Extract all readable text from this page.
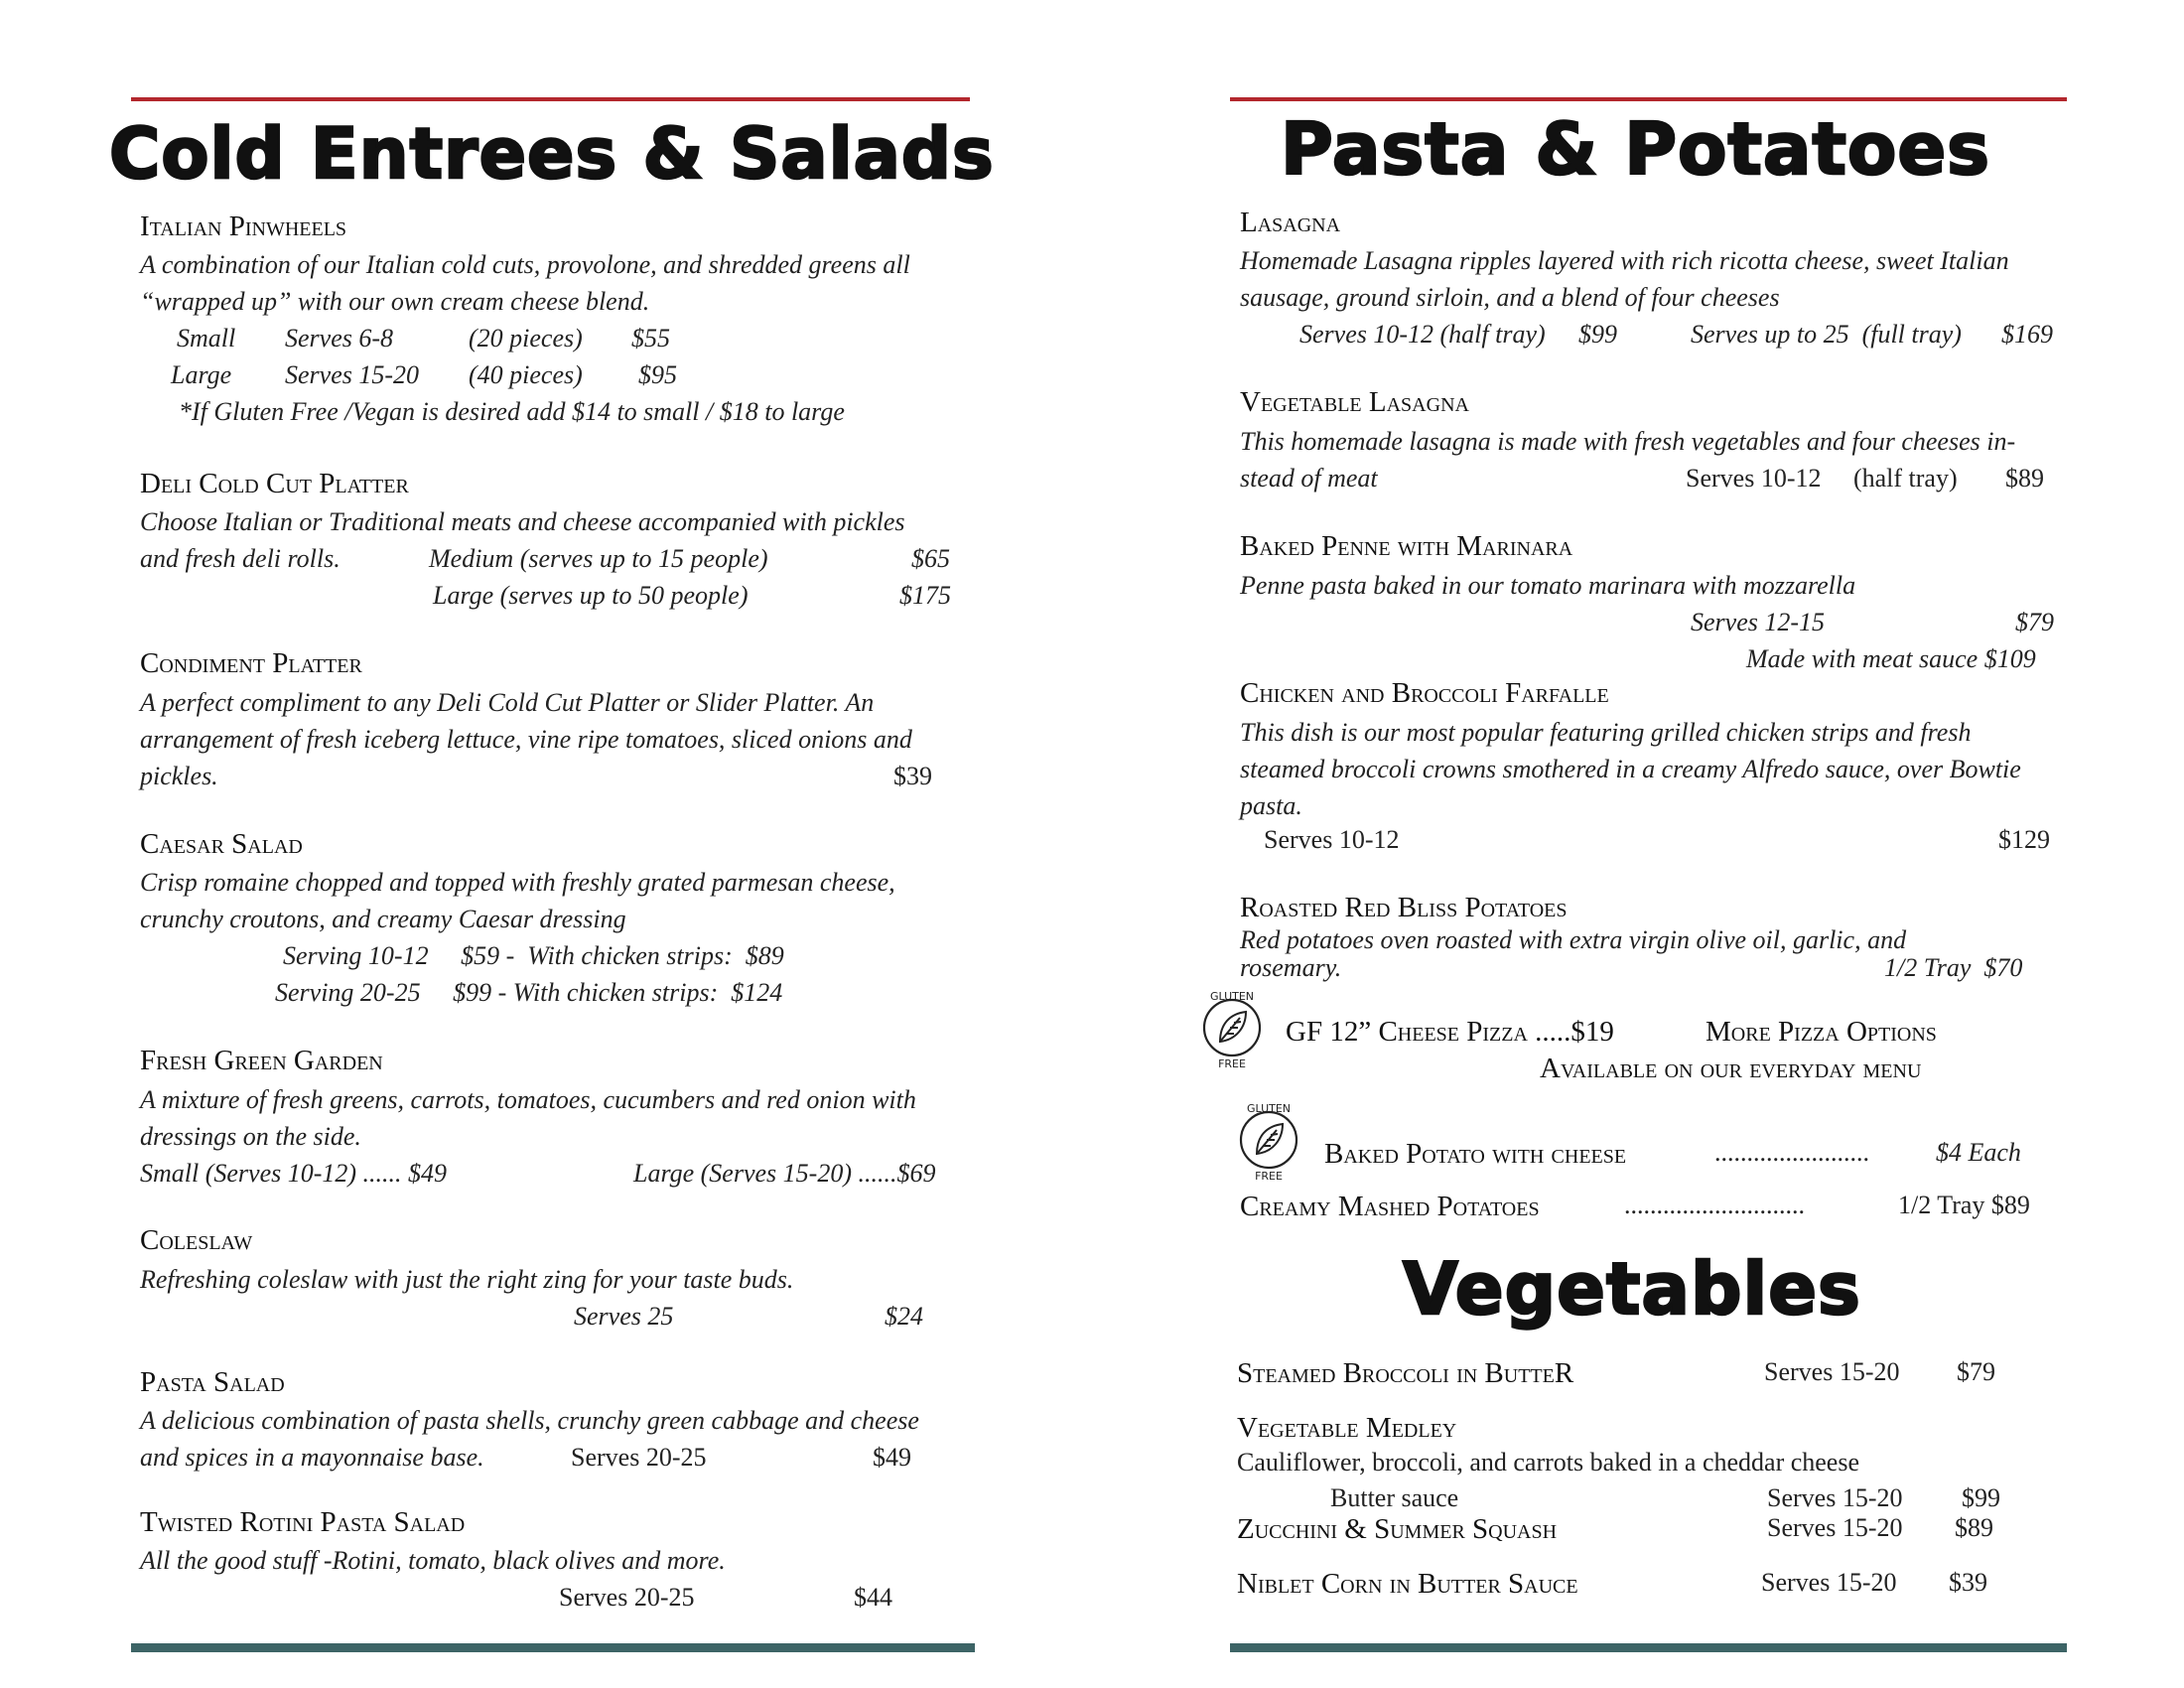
Cold Entrees & Salads
Italian Pinwheels
A combination of our Italian cold cuts, provolone, and shredded greens all
“wrapped up” with our own cream cheese blend.
Small Serves 6-8	(20 pieces) $55
Large Serves 15-20 (40 pieces) $95
*If Gluten Free /Vegan is desired add $14 to small / $18 to large
Deli Cold Cut Platter
Choose Italian or Traditional meats and cheese accompanied with pickles
and fresh deli rolls.	Medium (serves up to 15 people)	$65
Large (serves up to 50 people)	$175
Condiment Platter
A perfect compliment to any Deli Cold Cut Platter or Slider Platter. An
arrangement of fresh iceberg lettuce, vine ripe tomatoes, sliced onions and
pickles.	$39
Caesar Salad
Crisp romaine chopped and topped with freshly grated parmesan cheese,
crunchy croutons, and creamy Caesar dressing
Serving 10-12     $59 -  With chicken strips:  $89
Serving 20-25     $99 - With chicken strips:  $124
Fresh Green Garden
A mixture of fresh greens, carrots, tomatoes, cucumbers and red onion with
dressings on the side.
Small (Serves 10-12) ...... $49	Large (Serves 15-20) ......$69
Coleslaw
Refreshing coleslaw with just the right zing for your taste buds.
Serves 25	$24
Pasta Salad
A delicious combination of pasta shells, crunchy green cabbage and cheese
and spices in a mayonnaise base.	Serves 20-25	$49
Twisted Rotini Pasta Salad
All the good stuff -Rotini, tomato, black olives and more.
Serves 20-25	$44
Pasta & Potatoes
Lasagna
Homemade Lasagna ripples layered with rich ricotta cheese, sweet Italian
sausage, ground sirloin, and a blend of four cheeses
Serves 10-12 (half tray) $99	Serves up to 25  (full tray) $169
Vegetable Lasagna
This homemade lasagna is made with fresh vegetables and four cheeses in-
stead of meat	Serves 10-12     (half tray) $89
Baked Penne with Marinara
Penne pasta baked in our tomato marinara with mozzarella
Serves 12-15	$79
Made with meat sauce $109
Chicken and Broccoli Farfalle
This dish is our most popular featuring grilled chicken strips and fresh
steamed broccoli crowns smothered in a creamy Alfredo sauce, over Bowtie
pasta.
Serves 10-12	$129
Roasted Red Bliss Potatoes
Red potatoes oven roasted with extra virgin olive oil, garlic, and
rosemary.	1/2 Tray  $70
GLUTEN
FREE
GF 12” Cheese Pizza .....$19	More Pizza Options
Available on our everyday menu
GLUTEN
FREE
Baked Potato with cheese	........................	$4 Each
Creamy Mashed Potatoes	............................	1/2 Tray $89
Vegetables
Steamed Broccoli in ButteR	Serves 15-20 $79
Vegetable Medley
Cauliflower, broccoli, and carrots baked in a cheddar cheese
Butter sauce	Serves 15-20 $99
Zucchini & Summer Squash	Serves 15-20 $89
Niblet Corn in Butter Sauce	Serves 15-20 $39
